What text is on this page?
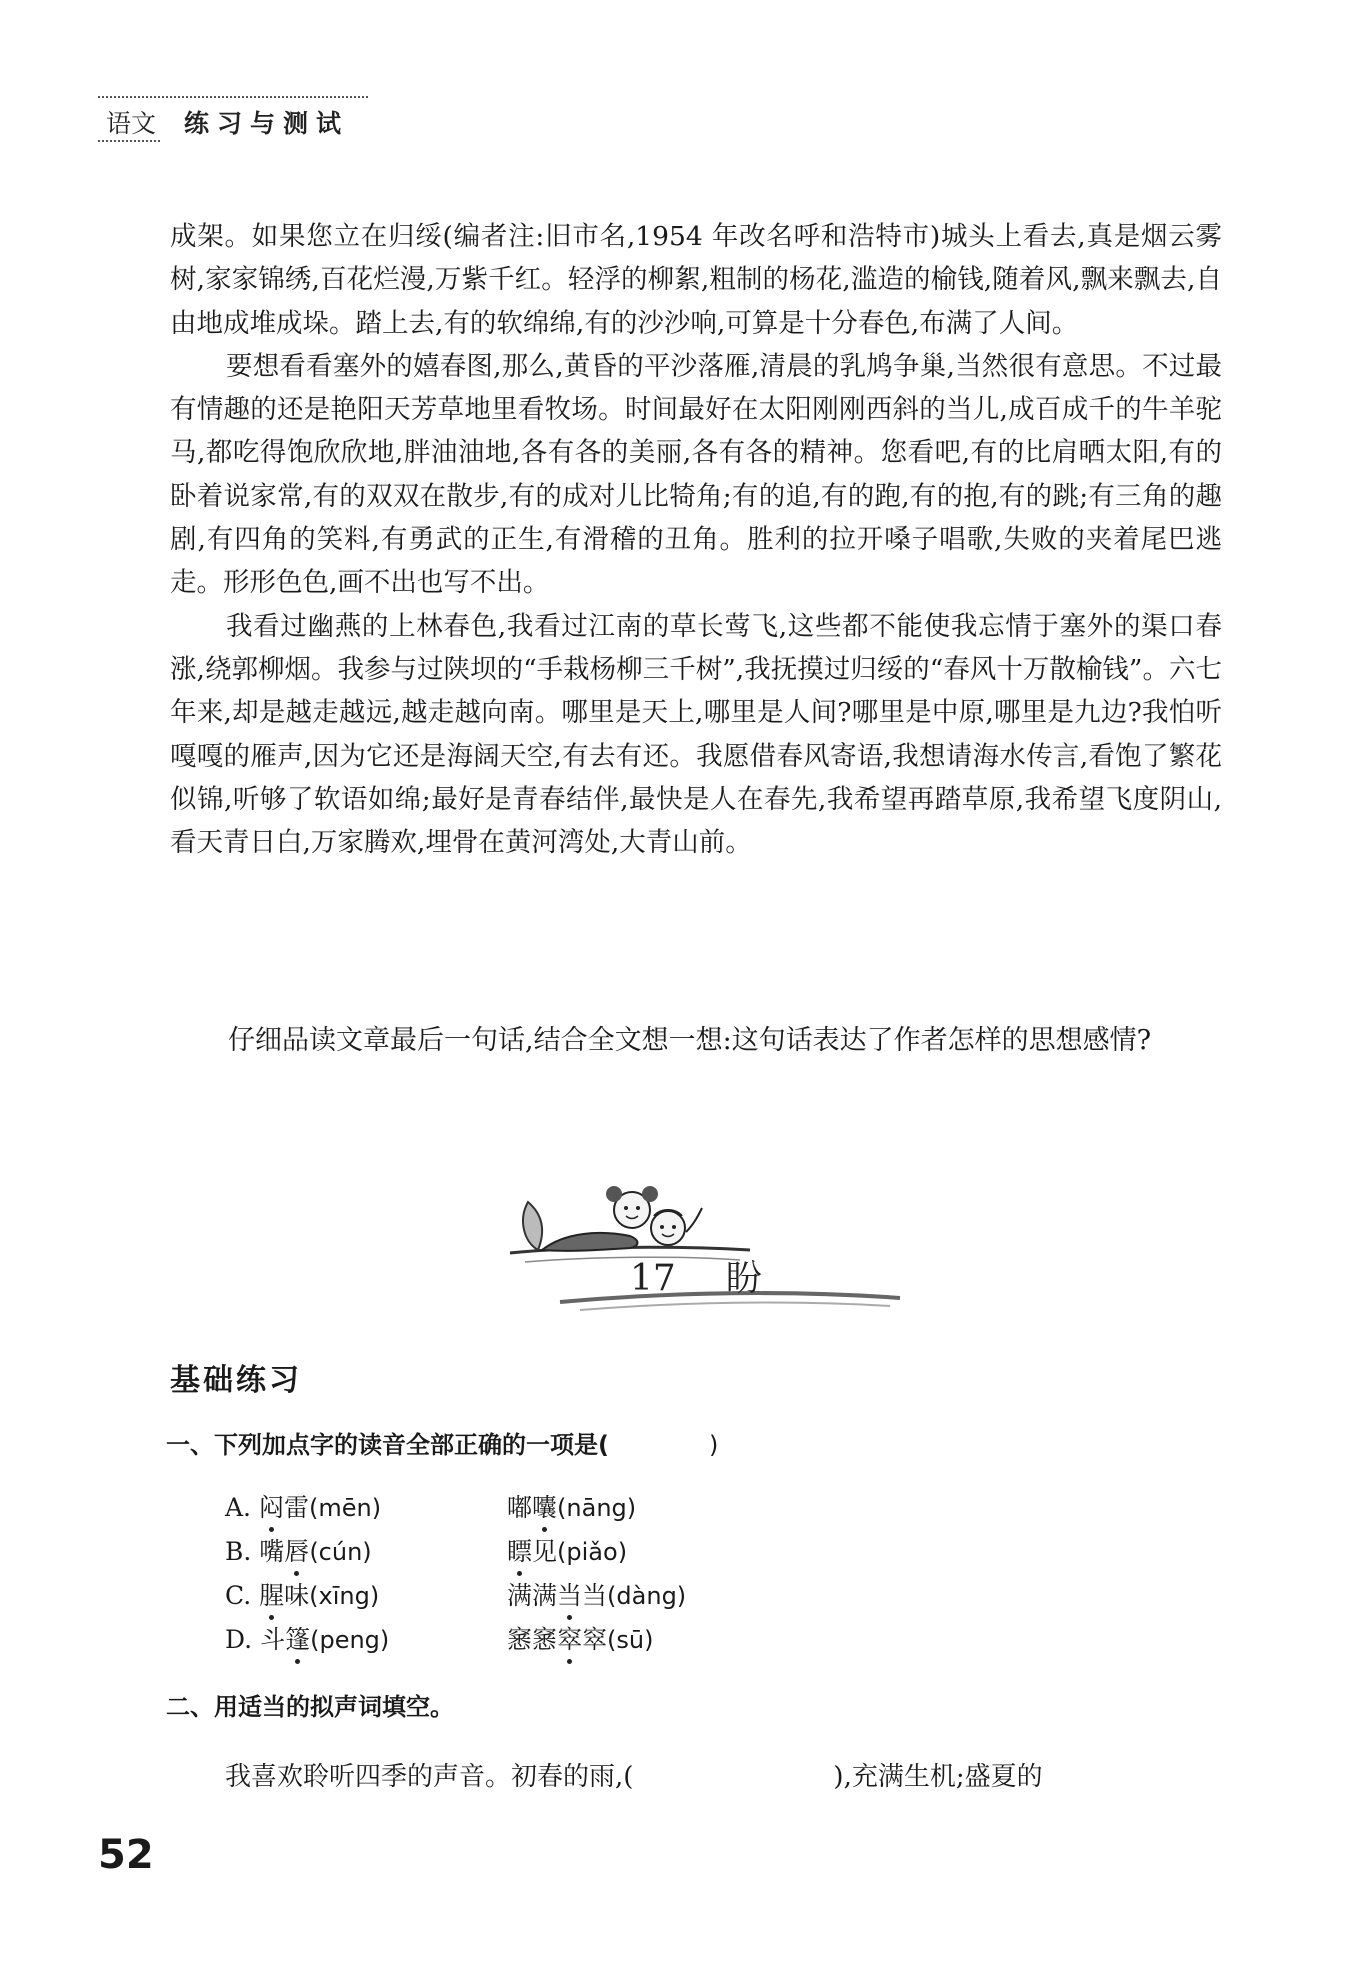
语文 练习与测试

成架。如果您立在归绥(编者注:旧市名,1954 年改名呼和浩特市)城头上看去,真是烟云雾树,家家锦绣,百花烂漫,万紫千红。轻浮的柳絮,粗制的杨花,滥造的榆钱,随着风,飘来飘去,自由地成堆成垛。踏上去,有的软绵绵,有的沙沙响,可算是十分春色,布满了人间。

要想看看塞外的嬉春图,那么,黄昏的平沙落雁,清晨的乳鸠争巢,当然很有意思。不过最有情趣的还是艳阳天芳草地里看牧场。时间最好在太阳刚刚西斜的当儿,成百成千的牛羊驼马,都吃得饱欣欣地,胖油油地,各有各的美丽,各有各的精神。您看吧,有的比肩晒太阳,有的卧着说家常,有的双双在散步,有的成对儿比犄角;有的追,有的跑,有的抱,有的跳;有三角的趣剧,有四角的笑料,有勇武的正生,有滑稽的丑角。胜利的拉开嗓子唱歌,失败的夹着尾巴逃走。形形色色,画不出也写不出。

我看过幽燕的上林春色,我看过江南的草长莺飞,这些都不能使我忘情于塞外的渠口春涨,绕郭柳烟。我参与过陕坝的“手栽杨柳三千树”,我抚摸过归绥的“春风十万散榆钱”。六七年来,却是越走越远,越走越向南。哪里是天上,哪里是人间?哪里是中原,哪里是九边?我怕听嘎嘎的雁声,因为它还是海阔天空,有去有还。我愿借春风寄语,我想请海水传言,看饱了繁花似锦,听够了软语如绵;最好是青春结伴,最快是人在春先,我希望再踏草原,我希望飞度阴山,看天青日白,万家腾欢,埋骨在黄河湾处,大青山前。

仔细品读文章最后一句话,结合全文想一想:这句话表达了作者怎样的思想感情?

17 盼

基础练习

一、下列加点字的读音全部正确的一项是(	)

A. 闷雷(mēn)	嘟囔(nāng)
B. 嘴唇(cún)	瞟见(piǎo)
C. 腥味(xīng)	满满当当(dàng)
D. 斗篷(peng)	窸窸窣窣(sū)

二、用适当的拟声词填空。

我喜欢聆听四季的声音。初春的雨,(	),充满生机;盛夏的

52
